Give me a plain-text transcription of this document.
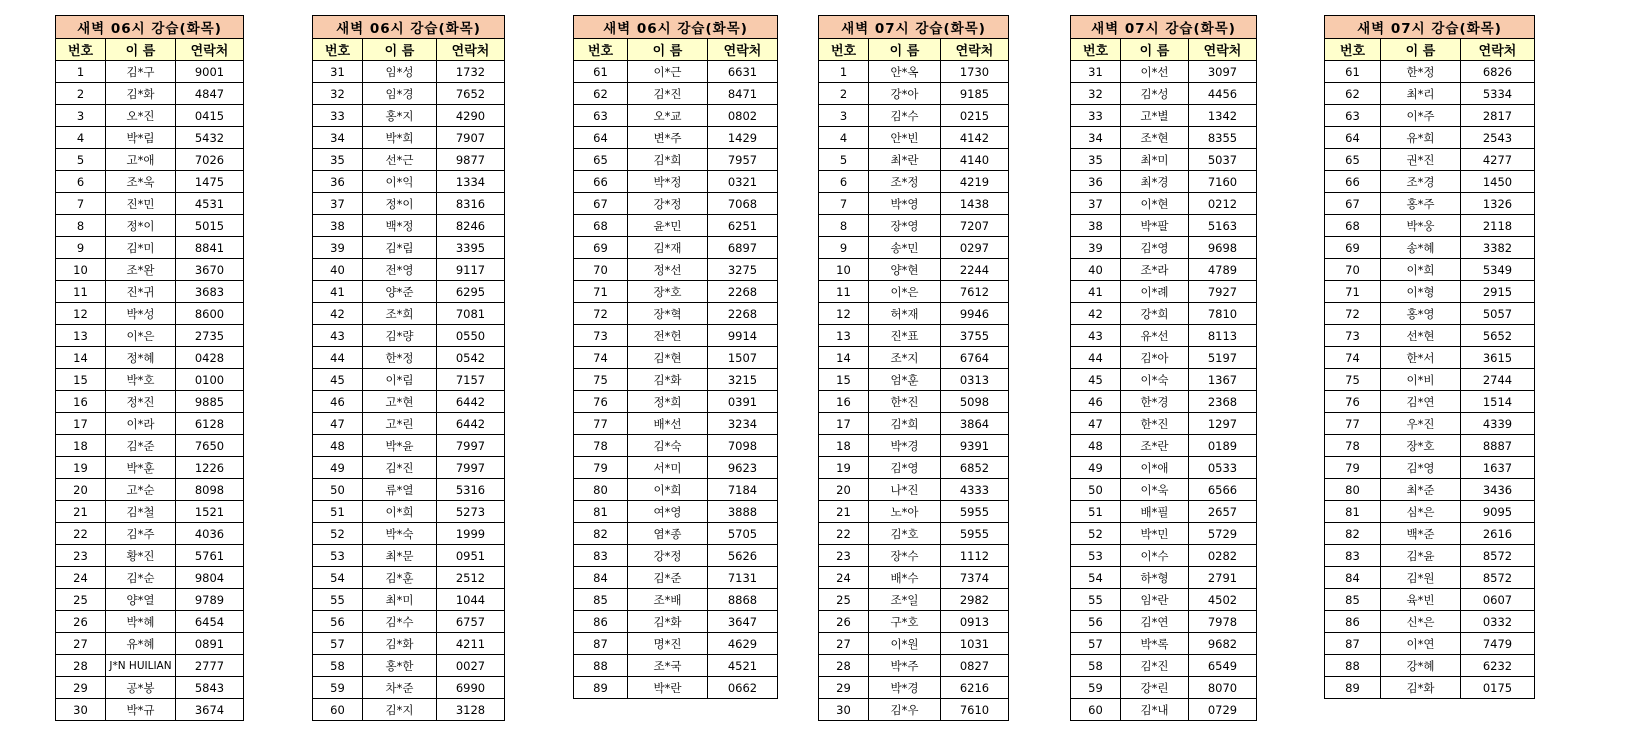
새벽 06시 강습(화목)		
번호	이 름	연락처
1	김*구	9001
2	김*화	4847
3	오*진	0415
4	박*림	5432
5	고*애	7026
6	조*욱	1475
7	진*민	4531
8	정*이	5015
9	김*미	8841
10	조*완	3670
11	진*귀	3683
12	박*성	8600
13	이*은	2735
14	정*혜	0428
15	박*호	0100
16	정*진	9885
17	이*라	6128
18	김*준	7650
19	박*훈	1226
20	고*순	8098
21	김*철	1521
22	김*주	4036
23	황*진	5761
24	김*순	9804
25	양*열	9789
26	박*혜	6454
27	유*혜	0891
28	J*N HUILIAN	2777
29	공*봉	5843
30	박*규	3674
새벽 06시 강습(화목)		
번호	이 름	연락처
31	임*성	1732
32	임*경	7652
33	홍*지	4290
34	박*희	7907
35	선*근	9877
36	이*익	1334
37	정*이	8316
38	백*정	8246
39	김*림	3395
40	전*영	9117
41	양*준	6295
42	조*희	7081
43	김*량	0550
44	한*정	0542
45	이*림	7157
46	고*현	6442
47	고*린	6442
48	박*윤	7997
49	김*진	7997
50	류*열	5316
51	이*희	5273
52	박*숙	1999
53	최*문	0951
54	김*훈	2512
55	최*미	1044
56	김*수	6757
57	김*화	4211
58	홍*한	0027
59	차*준	6990
60	김*지	3128
새벽 06시 강습(화목)		
번호	이 름	연락처
61	이*근	6631
62	김*진	8471
63	오*교	0802
64	변*주	1429
65	김*희	7957
66	박*정	0321
67	강*정	7068
68	윤*민	6251
69	김*재	6897
70	정*선	3275
71	장*호	2268
72	장*혁	2268
73	전*헌	9914
74	김*현	1507
75	김*화	3215
76	정*희	0391
77	배*선	3234
78	김*숙	7098
79	서*미	9623
80	이*희	7184
81	여*영	3888
82	염*종	5705
83	강*정	5626
84	김*준	7131
85	조*배	8868
86	김*화	3647
87	명*진	4629
88	조*국	4521
89	박*란	0662
새벽 07시 강습(화목)		
번호	이 름	연락처
1	안*옥	1730
2	강*아	9185
3	김*수	0215
4	안*빈	4142
5	최*란	4140
6	조*정	4219
7	박*영	1438
8	장*영	7207
9	송*민	0297
10	양*현	2244
11	이*은	7612
12	허*재	9946
13	진*표	3755
14	조*지	6764
15	엄*훈	0313
16	한*진	5098
17	김*희	3864
18	박*경	9391
19	김*영	6852
20	나*진	4333
21	노*아	5955
22	김*호	5955
23	장*수	1112
24	배*수	7374
25	조*일	2982
26	구*호	0913
27	이*원	1031
28	박*주	0827
29	박*경	6216
30	김*우	7610
새벽 07시 강습(화목)		
번호	이 름	연락처
31	이*선	3097
32	김*성	4456
33	고*별	1342
34	조*현	8355
35	최*미	5037
36	최*경	7160
37	이*현	0212
38	박*팔	5163
39	김*영	9698
40	조*라	4789
41	이*례	7927
42	강*희	7810
43	유*선	8113
44	김*아	5197
45	이*숙	1367
46	한*경	2368
47	한*진	1297
48	조*란	0189
49	이*애	0533
50	이*욱	6566
51	배*필	2657
52	박*민	5729
53	이*수	0282
54	하*형	2791
55	임*란	4502
56	김*연	7978
57	박*록	9682
58	김*진	6549
59	강*린	8070
60	김*내	0729
새벽 07시 강습(화목)		
번호	이 름	연락처
61	한*정	6826
62	최*리	5334
63	이*주	2817
64	유*희	2543
65	권*진	4277
66	조*경	1450
67	홍*주	1326
68	박*웅	2118
69	송*혜	3382
70	이*희	5349
71	이*형	2915
72	홍*영	5057
73	선*현	5652
74	한*서	3615
75	이*비	2744
76	김*연	1514
77	우*진	4339
78	장*호	8887
79	김*영	1637
80	최*준	3436
81	심*은	9095
82	백*준	2616
83	김*윤	8572
84	김*원	8572
85	육*빈	0607
86	신*은	0332
87	이*연	7479
88	강*혜	6232
89	김*화	0175
